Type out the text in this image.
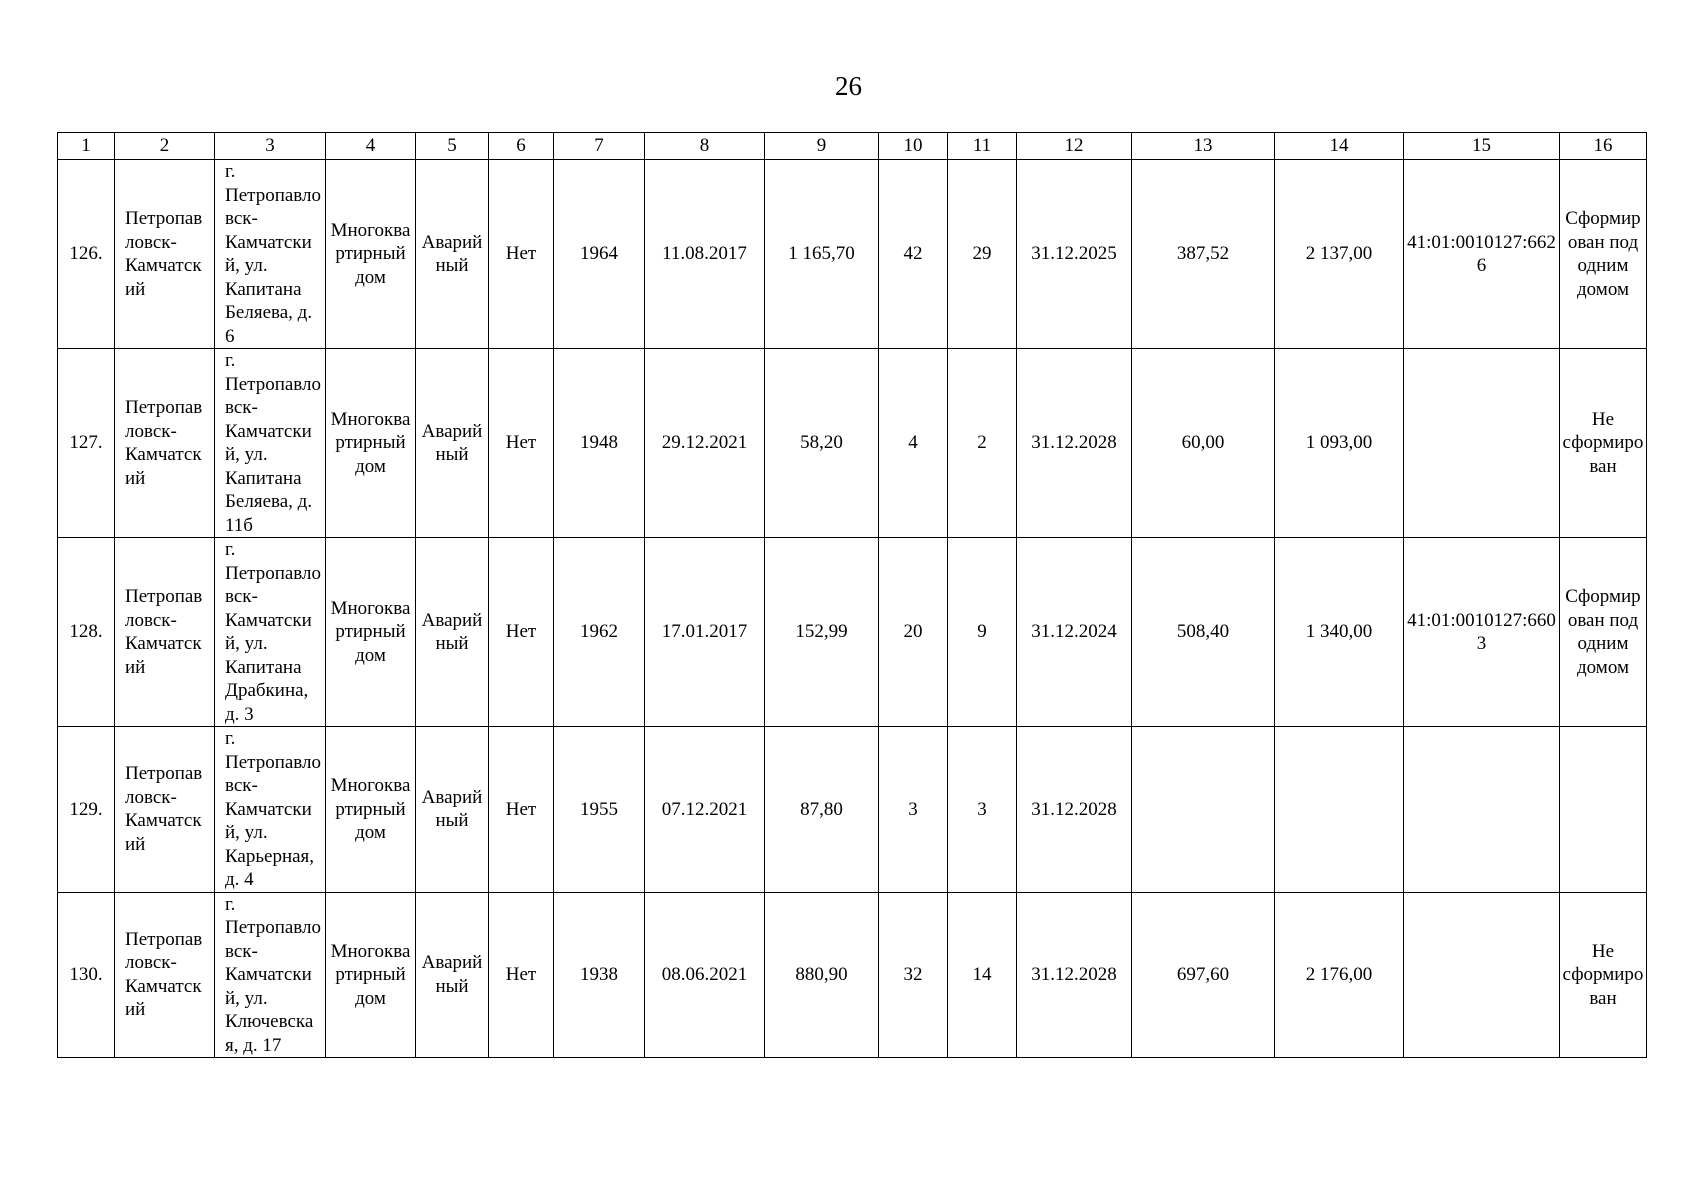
26
1	2	3	4	5	6	7	8	9	10	11	12	13	14	15	16
126.	Петропавловск-Камчатский	г. Петропавловск-Камчатский, ул. Капитана Беляева, д. 6	Многоквартирный дом	Аварийный	Нет	1964	11.08.2017	1 165,70	42	29	31.12.2025	387,52	2 137,00	41:01:0010127:6626	Сформирован под одним домом
127.	Петропавловск-Камчатский	г. Петропавловск-Камчатский, ул. Капитана Беляева, д. 11б	Многоквартирный дом	Аварийный	Нет	1948	29.12.2021	58,20	4	2	31.12.2028	60,00	1 093,00		Не сформирован
128.	Петропавловск-Камчатский	г. Петропавловск-Камчатский, ул. Капитана Драбкина, д. 3	Многоквартирный дом	Аварийный	Нет	1962	17.01.2017	152,99	20	9	31.12.2024	508,40	1 340,00	41:01:0010127:6603	Сформирован под одним домом
129.	Петропавловск-Камчатский	г. Петропавловск-Камчатский, ул. Карьерная, д. 4	Многоквартирный дом	Аварийный	Нет	1955	07.12.2021	87,80	3	3	31.12.2028				
130.	Петропавловск-Камчатский	г. Петропавловск-Камчатский, ул. Ключевская, д. 17	Многоквартирный дом	Аварийный	Нет	1938	08.06.2021	880,90	32	14	31.12.2028	697,60	2 176,00		Не сформирован
